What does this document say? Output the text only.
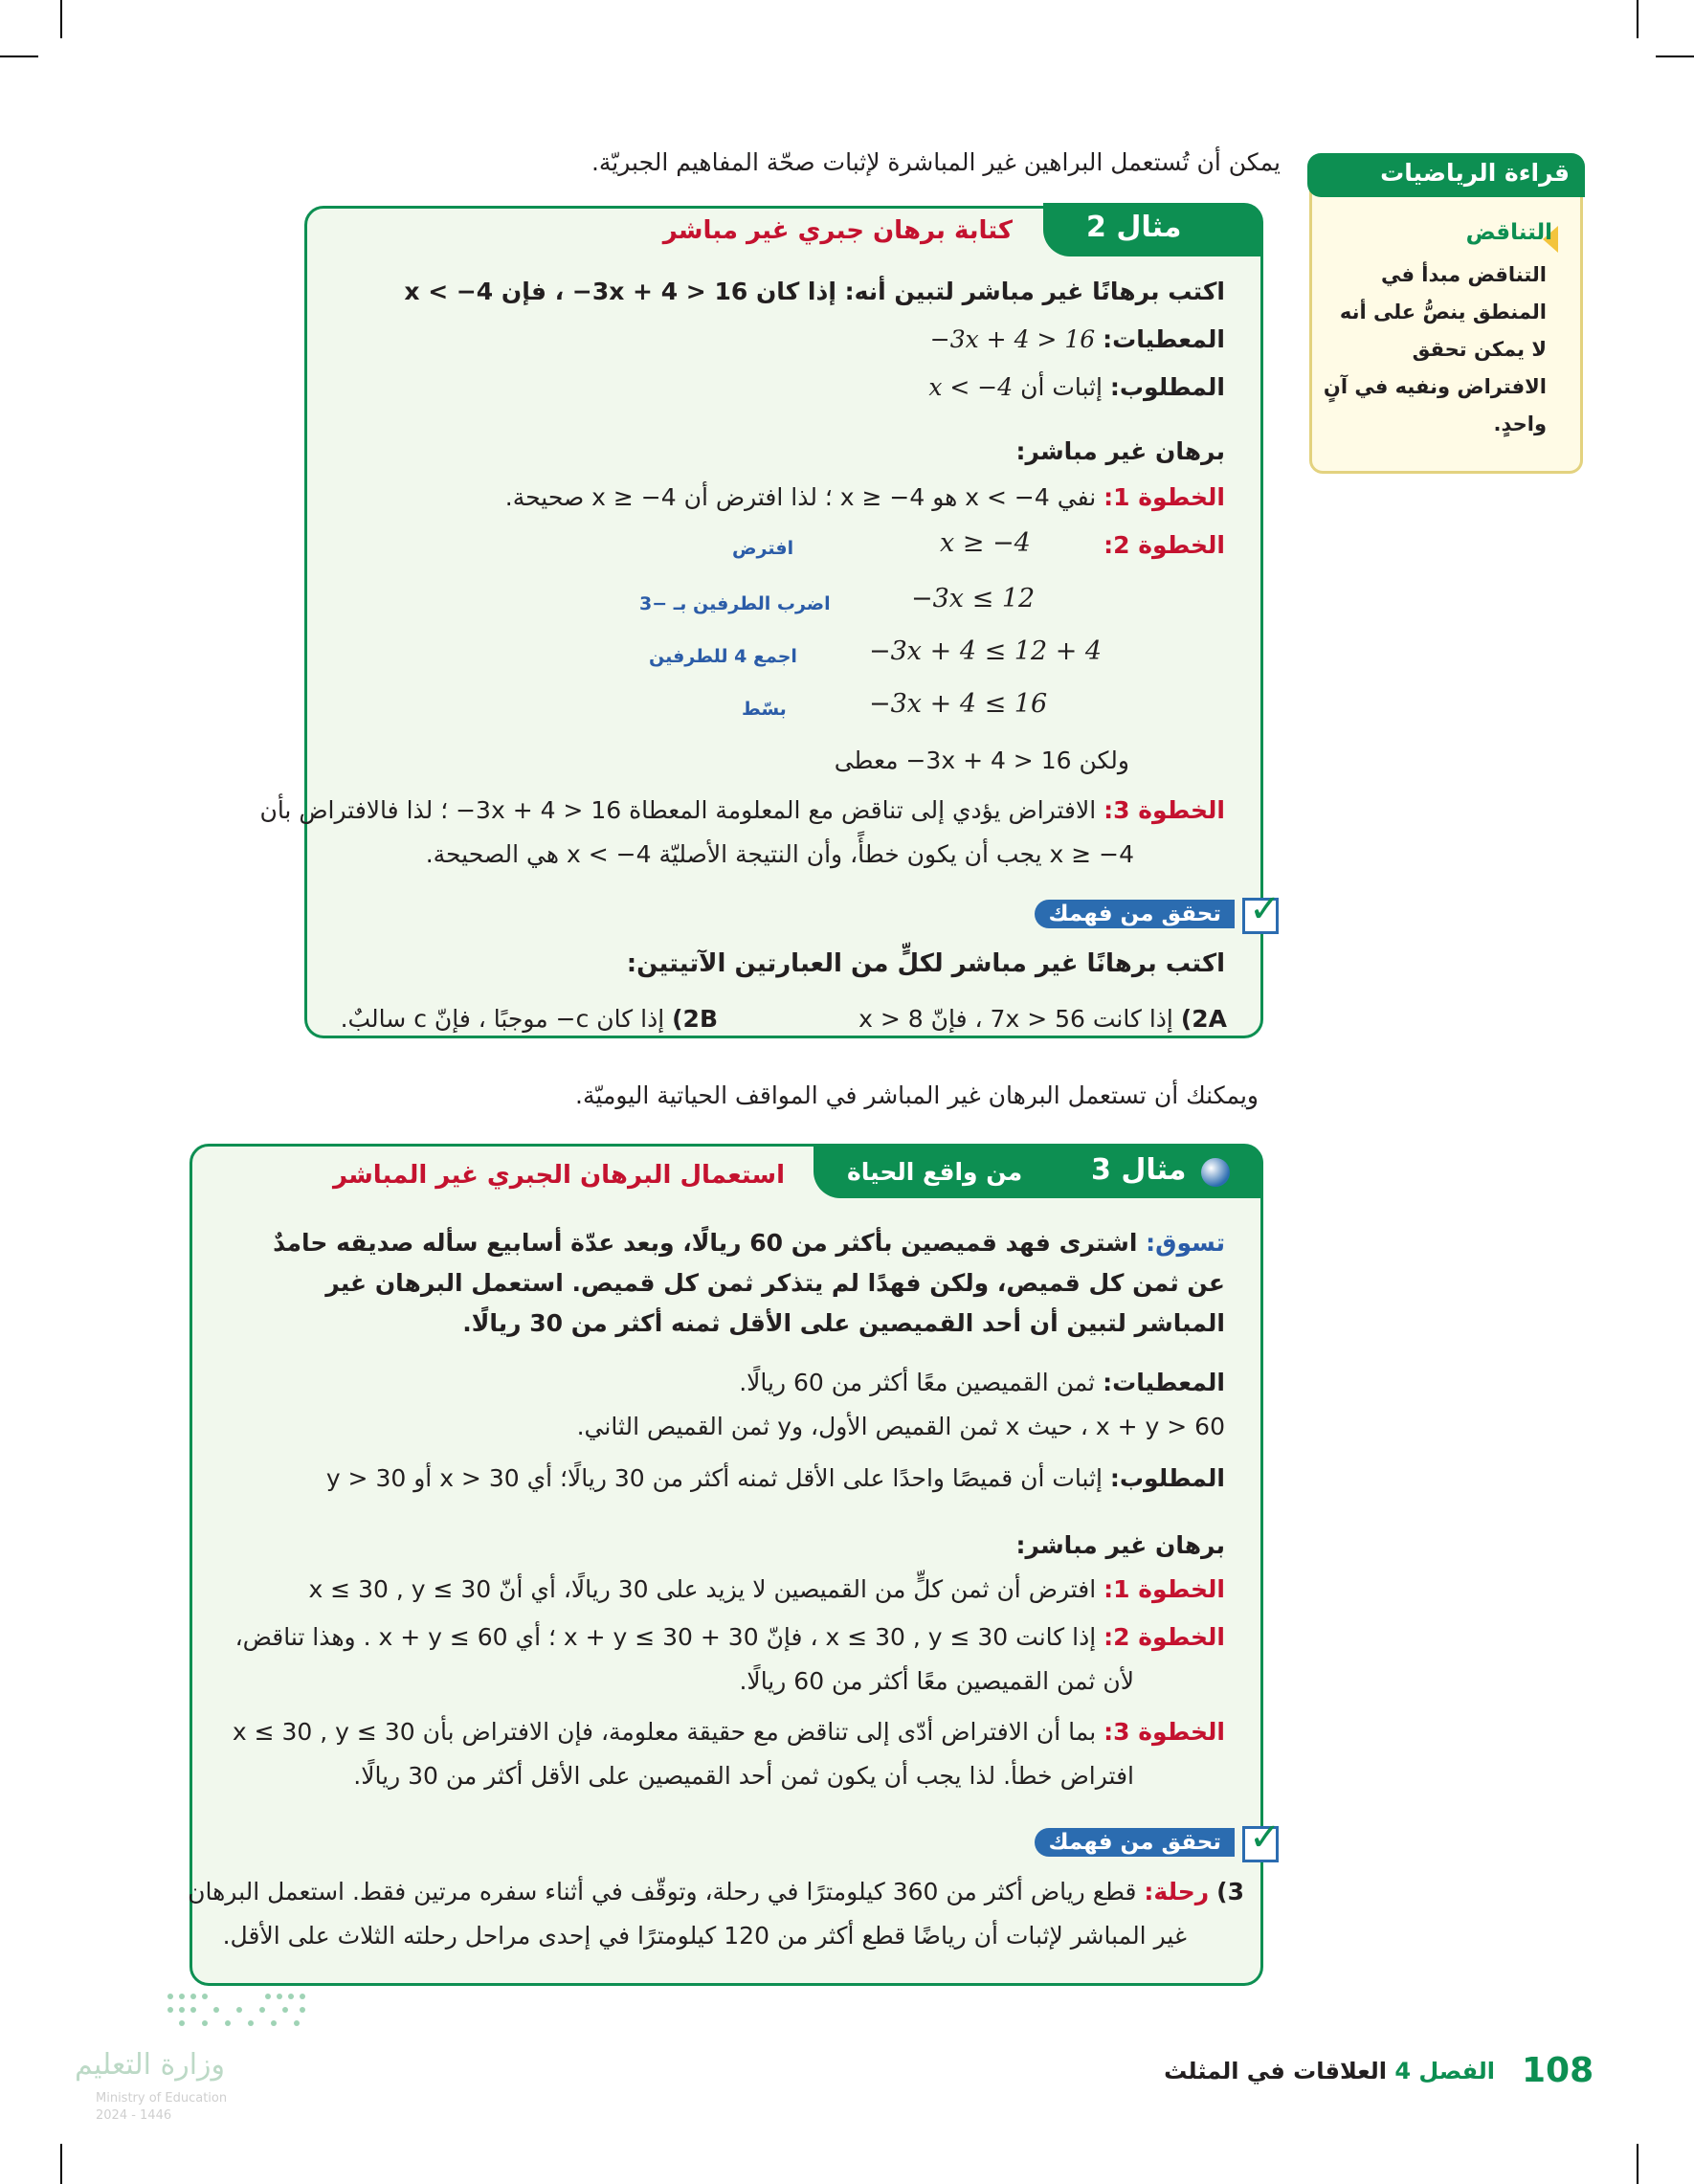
قراءة الرياضيات
التناقض
التناقض مبدأ في المنطق ينصُّ على أنه لا يمكن تحقق الافتراض ونفيه في آنٍ واحدٍ.
يمكن أن تُستعمل البراهين غير المباشرة لإثبات صحّة المفاهيم الجبريّة.
مثال 2
كتابة برهان جبري غير مباشر
اكتب برهانًا غير مباشر لتبين أنه: إذا كان ‎−3x + 4 > 16‎ ، فإن ‎x < −4‎
المعطيات: −3x + 4 > 16
المطلوب: إثبات أن x < −4
برهان غير مباشر:
الخطوة 1: نفي ‎x < −4‎ هو ‎x ≥ −4‎ ؛ لذا افترض أن ‎x ≥ −4‎ صحيحة.
الخطوة 2:
x ≥ −4
افترض
−3x ≤ 12
اضرب الطرفين بـ −3
−3x + 4 ≤ 12 + 4
اجمع 4 للطرفين
−3x + 4 ≤ 16
بسّط
ولكن ‎−3x + 4 > 16‎ معطى
الخطوة 3: الافتراض يؤدي إلى تناقض مع المعلومة المعطاة ‎−3x + 4 > 16‎ ؛ لذا فالافتراض بأن
‎x ≥ −4‎ يجب أن يكون خطأً، وأن النتيجة الأصليّة ‎x < −4‎ هي الصحيحة.
✓
تحقق من فهمك
اكتب برهانًا غير مباشر لكلٍّ من العبارتين الآتيتين:
2A) إذا كانت ‎7x > 56‎ ، فإنّ ‎x > 8‎
2B) إذا كان ‎−c‎ موجبًا ، فإنّ c سالبٌ.
ويمكنك أن تستعمل البرهان غير المباشر في المواقف الحياتية اليوميّة.
مثال 3
من واقع الحياة
استعمال البرهان الجبري غير المباشر
تسوق: اشترى فهد قميصين بأكثر من 60 ريالًا، وبعد عدّة أسابيع سأله صديقه حامدٌ عن ثمن كل قميص، ولكن فهدًا لم يتذكر ثمن كل قميص. استعمل البرهان غير المباشر لتبين أن أحد القميصين على الأقل ثمنه أكثر من 30 ريالًا.
المعطيات: ثمن القميصين معًا أكثر من 60 ريالًا.
x + y > 60 ، حيث x ثمن القميص الأول، وy ثمن القميص الثاني.
المطلوب: إثبات أن قميصًا واحدًا على الأقل ثمنه أكثر من 30 ريالًا؛ أي ‎x > 30‎ أو ‎y > 30‎
برهان غير مباشر:
الخطوة 1: افترض أن ثمن كلٍّ من القميصين لا يزيد على 30 ريالًا، أي أنّ ‎x ≤ 30 , y ≤ 30‎
الخطوة 2: إذا كانت ‎x ≤ 30 , y ≤ 30‎ ، فإنّ ‎x + y ≤ 30 + 30‎ ؛ أي ‎x + y ≤ 60‎ . وهذا تناقض،
لأن ثمن القميصين معًا أكثر من 60 ريالًا.
الخطوة 3: بما أن الافتراض أدّى إلى تناقض مع حقيقة معلومة، فإن الافتراض بأن ‎x ≤ 30 , y ≤ 30‎
افتراض خطأ. لذا يجب أن يكون ثمن أحد القميصين على الأقل أكثر من 30 ريالًا.
✓
تحقق من فهمك
3) رحلة: قطع رياض أكثر من 360 كيلومترًا في رحلة، وتوقّف في أثناء سفره مرتين فقط. استعمل البرهان
غير المباشر لإثبات أن رياضًا قطع أكثر من 120 كيلومترًا في إحدى مراحل رحلته الثلاث على الأقل.
وزارة التعليم
Ministry of Education
2024 - 1446
الفصل 4 العلاقات في المثلث	108
